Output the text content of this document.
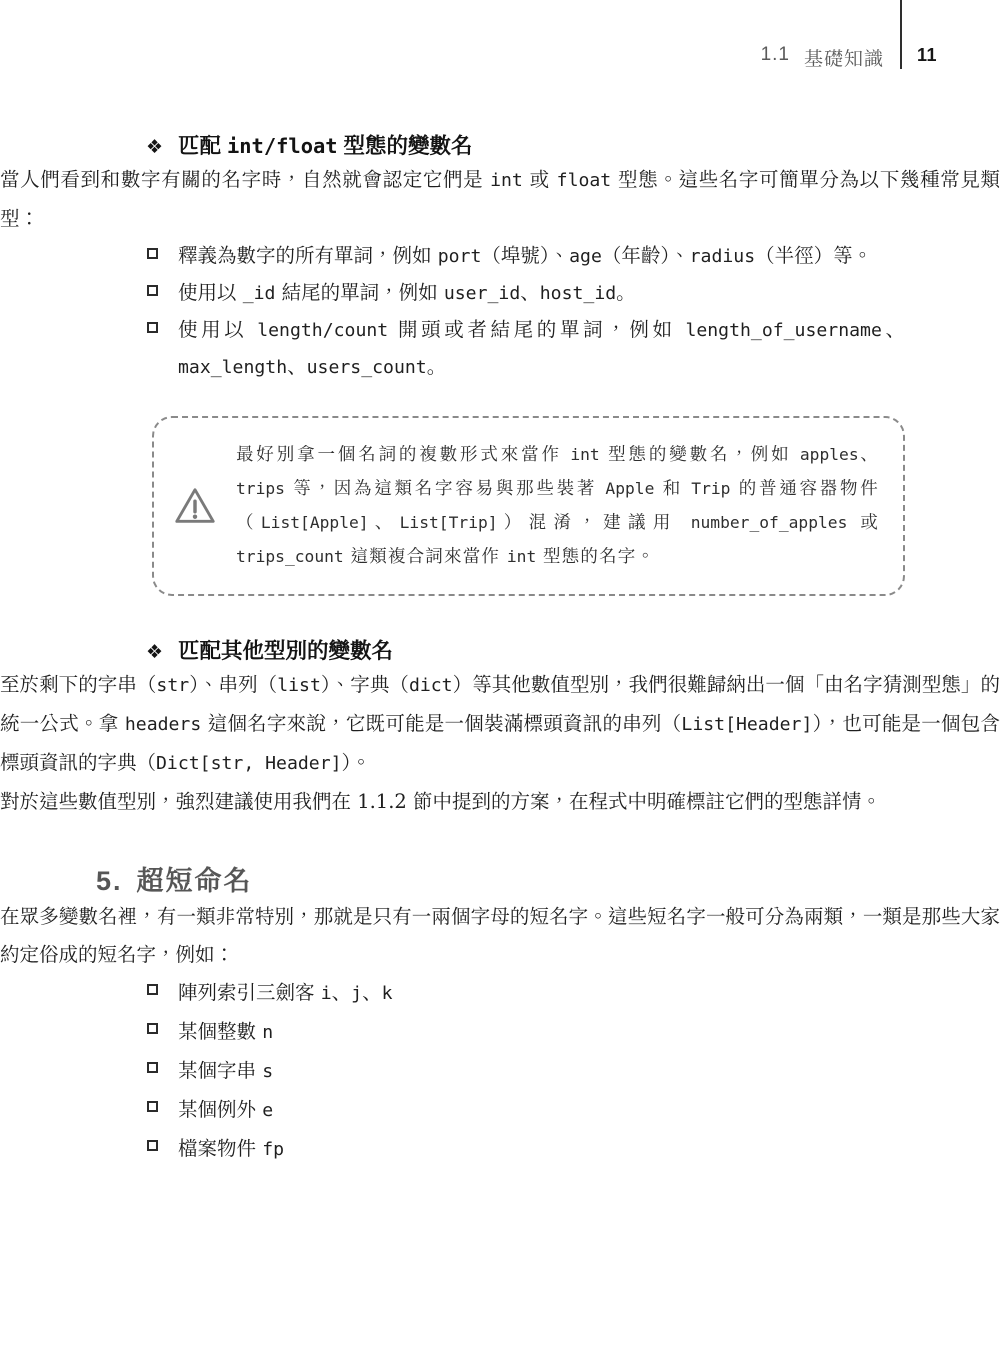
1.1 基礎知識 11
❖ 匹配 int/float 型態的變數名

當人們看到和數字有關的名字時，自然就會認定它們是 int 或 float 型態。這些名字可簡單分為以下幾種常見類型：

釋義為數字的所有單詞，例如 port（埠號）、age（年齡）、radius（半徑）等。
使用以 _id 結尾的單詞，例如 user_id、host_id。
使用以 length/count 開頭或者結尾的單詞，例如 length_of_username、max_length、users_count。
最好別拿一個名詞的複數形式來當作 int 型態的變數名，例如 apples、trips 等，因為這類名字容易與那些裝著 Apple 和 Trip 的普通容器物件（List[Apple]、List[Trip]）混淆，建議用 number_of_apples 或 trips_count 這類複合詞來當作 int 型態的名字。
❖ 匹配其他型別的變數名

至於剩下的字串（str）、串列（list）、字典（dict）等其他數值型別，我們很難歸納出一個「由名字猜測型態」的統一公式。拿 headers 這個名字來說，它既可能是一個裝滿標頭資訊的串列（List[Header]），也可能是一個包含標頭資訊的字典（Dict[str, Header]）。

對於這些數值型別，強烈建議使用我們在 1.1.2 節中提到的方案，在程式中明確標註它們的型態詳情。

5. 超短命名

在眾多變數名裡，有一類非常特別，那就是只有一兩個字母的短名字。這些短名字一般可分為兩類，一類是那些大家約定俗成的短名字，例如：

陣列索引三劍客 i、j、k
某個整數 n
某個字串 s
某個例外 e
檔案物件 fp
